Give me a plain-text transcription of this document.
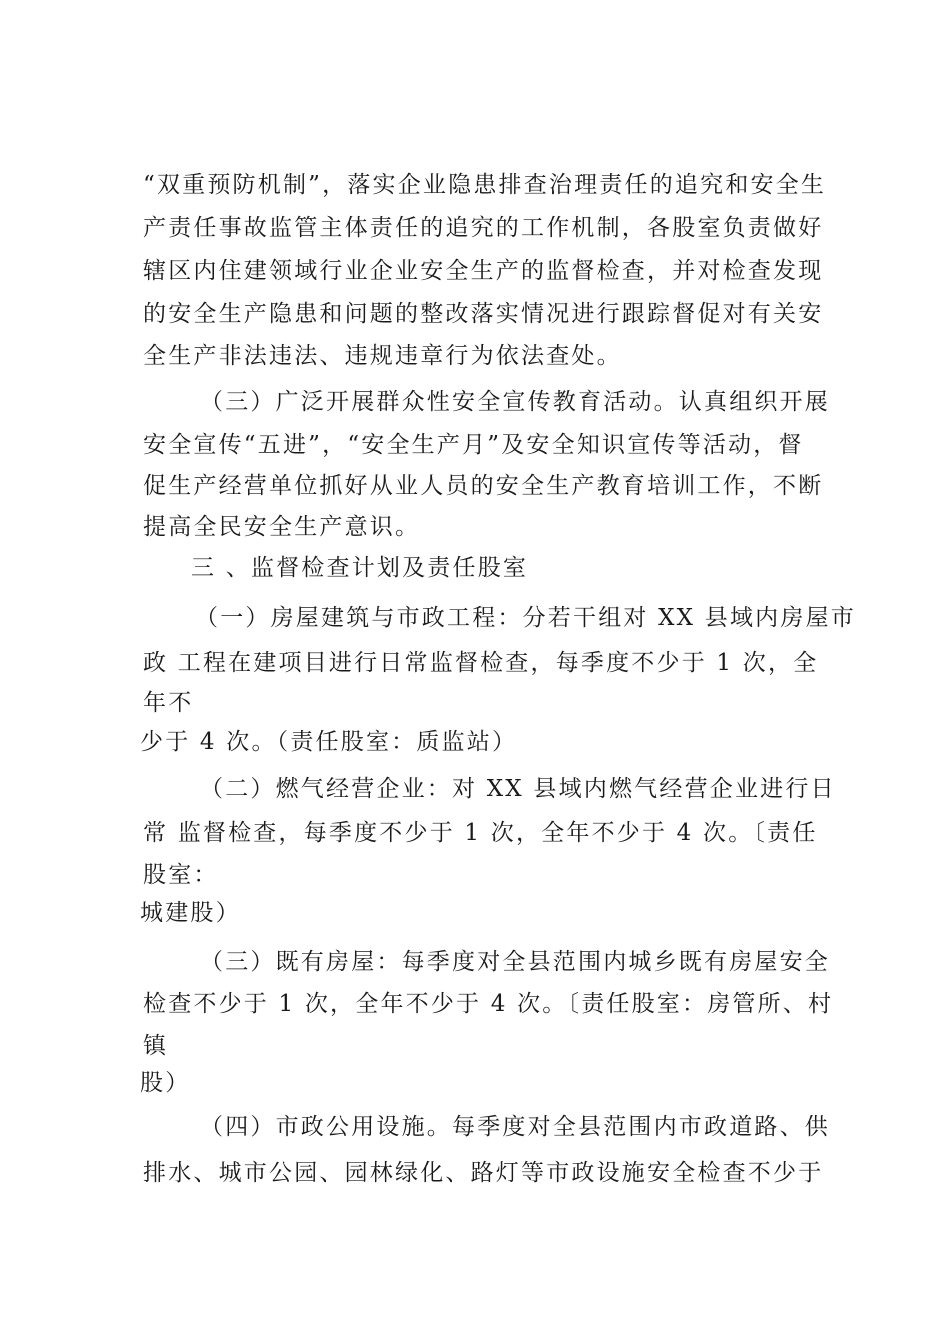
“双重预防机制”，落实企业隐患排查治理责任的追究和安全生

产责任事故监管主体责任的追究的工作机制，各股室负责做好

辖区内住建领域行业企业安全生产的监督检查，并对检查发现

的安全生产隐患和问题的整改落实情况进行跟踪督促对有关安

全生产非法违法、违规违章行为依法查处。

（三）广泛开展群众性安全宣传教育活动。认真组织开展

安全宣传“五进”，“安全生产月”及安全知识宣传等活动，督

促生产经营单位抓好从业人员的安全生产教育培训工作，不断

提高全民安全生产意识。

三 、监督检查计划及责任股室

（一）房屋建筑与市政工程：分若干组对 XX 县域内房屋市

政 工程在建项目进行日常监督检查，每季度不少于 1 次，全

年不

少于 4 次。（责任股室：质监站）

（二）燃气经营企业：对 XX 县域内燃气经营企业进行日

常 监督检查，每季度不少于 1 次，全年不少于 4 次。〔责任

股室：

城建股）

（三）既有房屋：每季度对全县范围内城乡既有房屋安全

检查不少于 1 次，全年不少于 4 次。〔责任股室：房管所、村

镇

股）

（四）市政公用设施。每季度对全县范围内市政道路、供

排水、城市公园、园林绿化、路灯等市政设施安全检查不少于
